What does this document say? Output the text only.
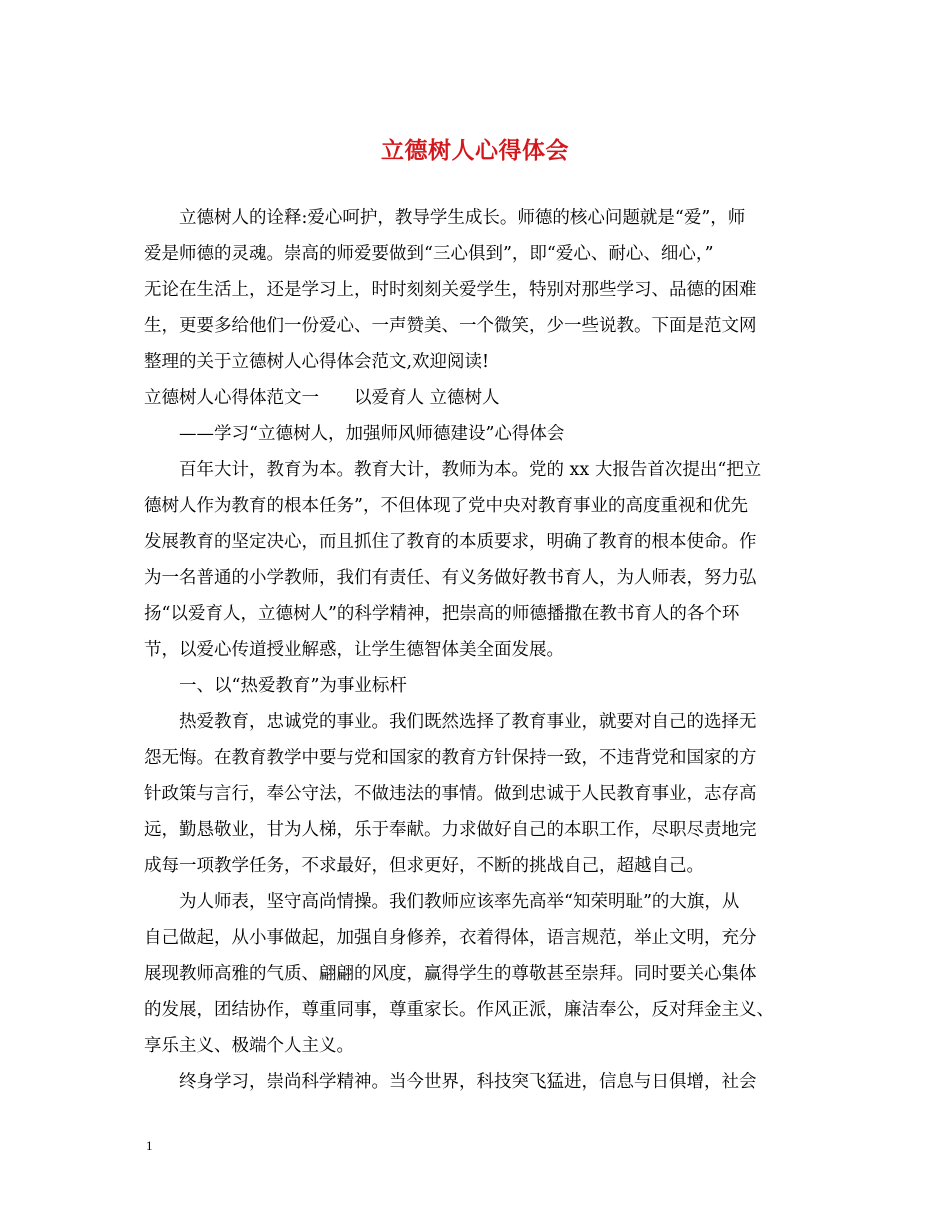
立德树人心得体会
立德树人的诠释:爱心呵护，教导学生成长。师德的核心问题就是“爱”，师
爱是师德的灵魂。崇高的师爱要做到“三心俱到”，即“爱心、耐心、细心，”
无论在生活上，还是学习上，时时刻刻关爱学生，特别对那些学习、品德的困难
生，更要多给他们一份爱心、一声赞美、一个微笑，少一些说教。下面是范文网
整理的关于立德树人心得体会范文,欢迎阅读!
立德树人心得体范文一　　以爱育人 立德树人
——学习“立德树人，加强师风师德建设”心得体会
百年大计，教育为本。教育大计，教师为本。党的 xx 大报告首次提出“把立
德树人作为教育的根本任务”，不但体现了党中央对教育事业的高度重视和优先
发展教育的坚定决心，而且抓住了教育的本质要求，明确了教育的根本使命。作
为一名普通的小学教师，我们有责任、有义务做好教书育人，为人师表，努力弘
扬“以爱育人，立德树人”的科学精神，把崇高的师德播撒在教书育人的各个环
节，以爱心传道授业解惑，让学生德智体美全面发展。
一、以“热爱教育”为事业标杆
热爱教育，忠诚党的事业。我们既然选择了教育事业，就要对自己的选择无
怨无悔。在教育教学中要与党和国家的教育方针保持一致，不违背党和国家的方
针政策与言行，奉公守法，不做违法的事情。做到忠诚于人民教育事业，志存高
远，勤恳敬业，甘为人梯，乐于奉献。力求做好自己的本职工作，尽职尽责地完
成每一项教学任务，不求最好，但求更好，不断的挑战自己，超越自己。
为人师表，坚守高尚情操。我们教师应该率先高举“知荣明耻”的大旗，从
自己做起，从小事做起，加强自身修养，衣着得体，语言规范，举止文明，充分
展现教师高雅的气质、翩翩的风度，赢得学生的尊敬甚至崇拜。同时要关心集体
的发展，团结协作，尊重同事，尊重家长。作风正派，廉洁奉公，反对拜金主义、
享乐主义、极端个人主义。
终身学习，崇尚科学精神。当今世界，科技突飞猛进，信息与日俱增，社会
1
